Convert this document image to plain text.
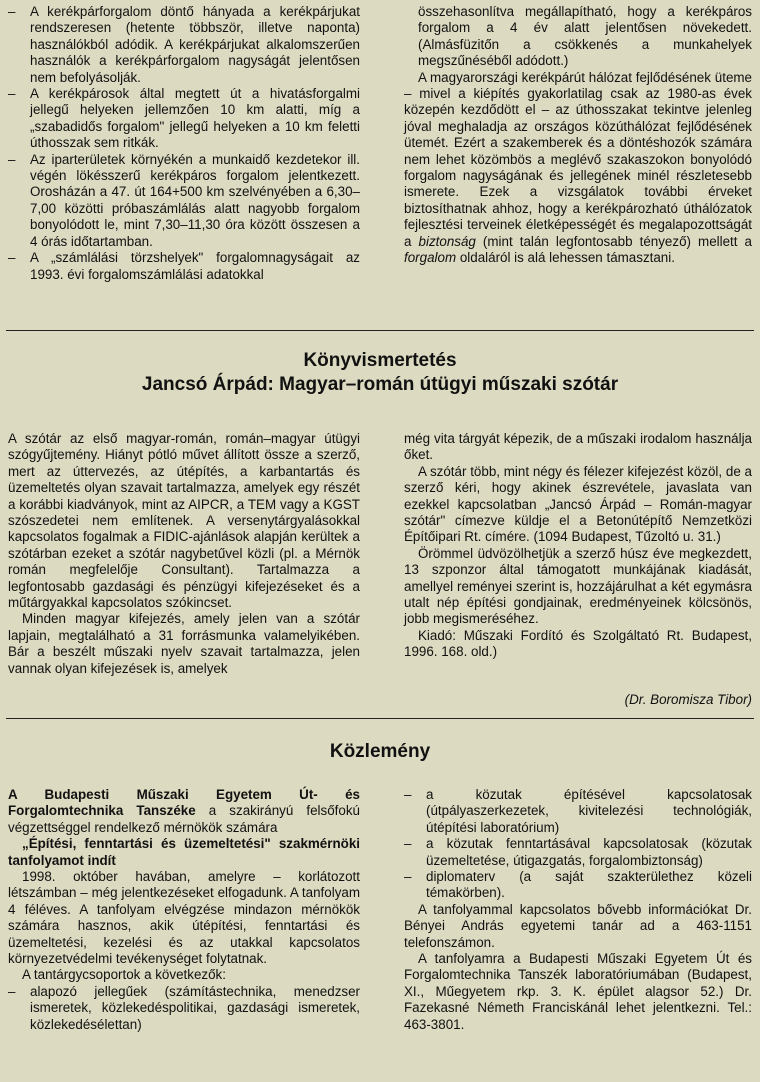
–	A kerékpárforgalom döntő hányada a kerékpárjukat rendszeresen (hetente többször, illetve naponta) használókból adódik. A kerékpárjukat alkalomszerűen használók a kerékpárforgalom nagyságát jelentősen nem befolyásolják.
–	A kerékpárosok által megtett út a hivatásforgalmi jellegű helyeken jellemzően 10 km alatti, míg a „szabadidős forgalom" jellegű helyeken a 10 km feletti úthosszak sem ritkák.
–	Az iparterületek környékén a munkaidő kezdetekor ill. végén lökésszerű kerékpáros forgalom jelentkezett. Orosházán a 47. út 164+500 km szelvényében a 6,30–7,00 közötti próbaszámlálás alatt nagyobb forgalom bonyolódott le, mint 7,30–11,30 óra között összesen a 4 órás időtartamban.
–	A „számlálási törzshelyek" forgalomnagyságait az 1993. évi forgalomszámlálási adatokkal

összehasonlítva megállapítható, hogy a kerékpáros forgalom a 4 év alatt jelentősen növekedett. (Almásfüzitőn a csökkenés a munkahelyek megszűnéséből adódott.)

A magyarországi kerékpárút hálózat fejlődésének üteme – mivel a kiépítés gyakorlatilag csak az 1980-as évek közepén kezdődött el – az úthosszakat tekintve jelenleg jóval meghaladja az országos közúthálózat fejlődésének ütemét. Ezért a szakemberek és a döntéshozók számára nem lehet közömbös a meglévő szakaszokon bonyolódó forgalom nagyságának és jellegének minél részletesebb ismerete. Ezek a vizsgálatok további érveket biztosíthatnak ahhoz, hogy a kerékpározható úthálózatok fejlesztési terveinek életképességét és megalapozottságát a biztonság (mint talán legfontosabb tényező) mellett a forgalom oldaláról is alá lehessen támasztani.

Könyvismertetés
Jancsó Árpád: Magyar–román útügyi műszaki szótár

A szótár az első magyar-román, román–magyar útügyi szógyűjtemény. Hiányt pótló művet állított össze a szerző, mert az úttervezés, az útépítés, a karbantartás és üzemeltetés olyan szavait tartalmazza, amelyek egy részét a korábbi kiadványok, mint az AIPCR, a TEM vagy a KGST szószedetei nem említenek. A versenytárgyalásokkal kapcsolatos fogalmak a FIDIC-ajánlások alapján kerültek a szótárban ezeket a szótár nagybetűvel közli (pl. a Mérnök román megfelelője Consultant). Tartalmazza a legfontosabb gazdasági és pénzügyi kifejezéseket és a műtárgyakkal kapcsolatos szókincset.

Minden magyar kifejezés, amely jelen van a szótár lapjain, megtalálható a 31 forrásmunka valamelyikében. Bár a beszélt műszaki nyelv szavait tartalmazza, jelen vannak olyan kifejezések is, amelyek

még vita tárgyát képezik, de a műszaki irodalom használja őket.

A szótár több, mint négy és félezer kifejezést közöl, de a szerző kéri, hogy akinek észrevétele, javaslata van ezekkel kapcsolatban „Jancsó Árpád – Román-magyar szótár" címezve küldje el a Betonútépítő Nemzetközi Építőipari Rt. címére. (1094 Budapest, Tűzoltó u. 31.)

Örömmel üdvözölhetjük a szerző húsz éve megkezdett, 13 szponzor által támogatott munkájának kiadását, amellyel reményei szerint is, hozzájárulhat a két egymásra utalt nép építési gondjainak, eredményeinek kölcsönös, jobb megismeréséhez.

Kiadó: Műszaki Fordító és Szolgáltató Rt. Budapest, 1996. 168. old.)

(Dr. Boromisza Tibor)
Közlemény

A Budapesti Műszaki Egyetem Út- és Forgalomtechnika Tanszéke a szakirányú felsőfokú végzettséggel rendelkező mérnökök számára

„Építési, fenntartási és üzemeltetési" szakmérnöki tanfolyamot indít

1998. október havában, amelyre – korlátozott létszámban – még jelentkezéseket elfogadunk. A tanfolyam 4 féléves. A tanfolyam elvégzése mindazon mérnökök számára hasznos, akik útépítési, fenntartási és üzemeltetési, kezelési és az utakkal kapcsolatos környezetvédelmi tevékenységet folytatnak.

A tantárgycsoportok a következők:

–	alapozó jellegűek (számítástechnika, menedzser ismeretek, közlekedéspolitikai, gazdasági ismeretek, közlekedésélettan)
–	a közutak építésével kapcsolatosak (útpályaszerkezetek, kivitelezési technológiák, útépítési laboratórium)
–	a közutak fenntartásával kapcsolatosak (közutak üzemeltetése, útigazgatás, forgalombiztonság)
–	diplomaterv (a saját szakterülethez közeli témakörben).

A tanfolyammal kapcsolatos bővebb információkat Dr. Bényei András egyetemi tanár ad a 463-1151 telefonszámon.

A tanfolyamra a Budapesti Műszaki Egyetem Út és Forgalomtechnika Tanszék laboratóriumában (Budapest, XI., Műegyetem rkp. 3. K. épület alagsor 52.) Dr. Fazekasné Németh Franciskánál lehet jelentkezni. Tel.: 463-3801.
